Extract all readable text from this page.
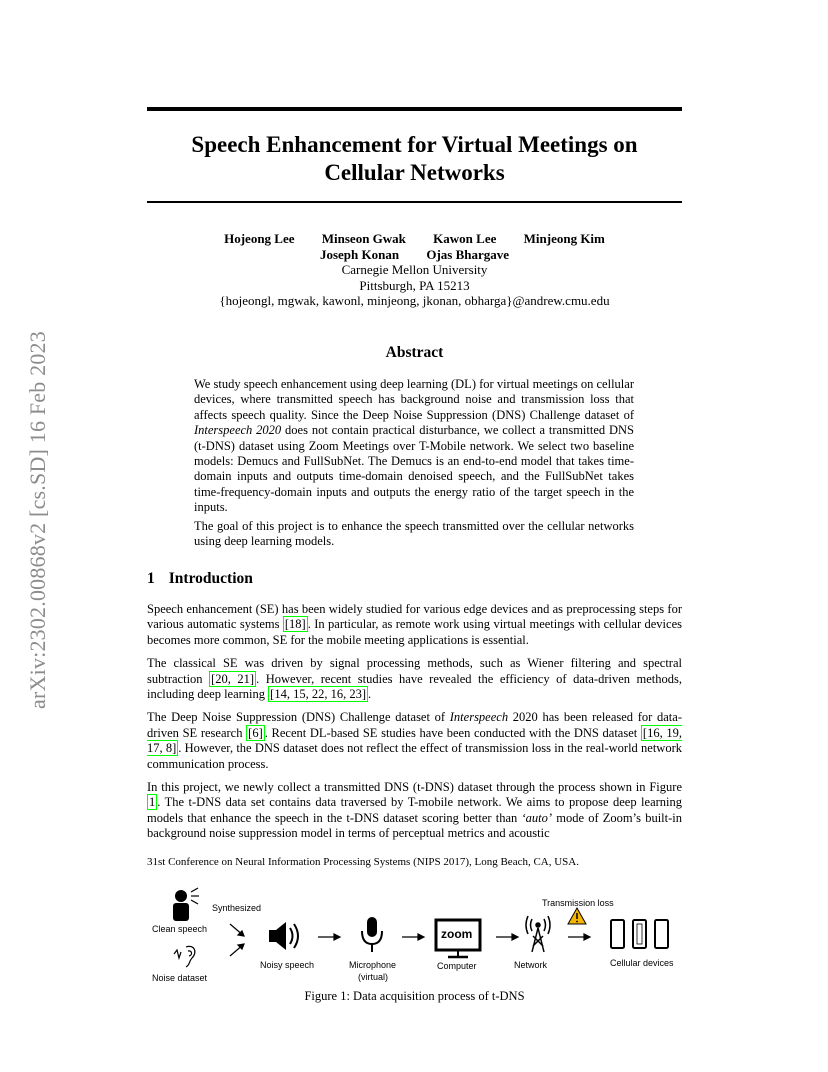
arXiv:2302.00868v2 [cs.SD] 16 Feb 2023
Speech Enhancement for Virtual Meetings on
Cellular Networks
Hojeong Lee Minseon Gwak Kawon Lee Minjeong Kim
Joseph Konan Ojas Bhargave
Carnegie Mellon University
Pittsburgh, PA 15213
{hojeongl, mgwak, kawonl, minjeong, jkonan, obharga}@andrew.cmu.edu
Abstract

We study speech enhancement using deep learning (DL) for virtual meetings on cellular devices, where transmitted speech has background noise and transmission loss that affects speech quality. Since the Deep Noise Suppression (DNS) Challenge dataset of Interspeech 2020 does not contain practical disturbance, we collect a transmitted DNS (t-DNS) dataset using Zoom Meetings over T-Mobile network. We select two baseline models: Demucs and FullSubNet. The Demucs is an end-to-end model that takes time-domain inputs and outputs time-domain denoised speech, and the FullSubNet takes time-frequency-domain inputs and outputs the energy ratio of the target speech in the inputs.

The goal of this project is to enhance the speech transmitted over the cellular networks using deep learning models.

1 Introduction

Speech enhancement (SE) has been widely studied for various edge devices and as preprocessing steps for various automatic systems [18] . In particular, as remote work using virtual meetings with cellular devices becomes more common, SE for the mobile meeting applications is essential.

The classical SE was driven by signal processing methods, such as Wiener filtering and spectral subtraction [20, 21] . However, recent studies have revealed the efficiency of data-driven methods, including deep learning [14, 15, 22, 16, 23] .

The Deep Noise Suppression (DNS) Challenge dataset of Interspeech 2020 has been released for data-driven SE research [6] . Recent DL-based SE studies have been conducted with the DNS dataset [16, 19, 17, 8] . However, the DNS dataset does not reflect the effect of transmission loss in the real-world network communication process.

In this project, we newly collect a transmitted DNS (t-DNS) dataset through the process shown in Figure 1 . The t-DNS data set contains data traversed by T-mobile network. We aims to propose deep learning models that enhance the speech in the t-DNS dataset scoring better than ‘auto’ mode of Zoom’s built-in background noise suppression model in terms of perceptual metrics and acoustic

31st Conference on Neural Information Processing Systems (NIPS 2017), Long Beach, CA, USA.
Synthesized
Clean speech
Noise dataset
Noisy speech	Microphone
(virtual)
zoom
Computer	Network
Transmission loss
Cellular devices
Figure 1: Data acquisition process of t-DNS
